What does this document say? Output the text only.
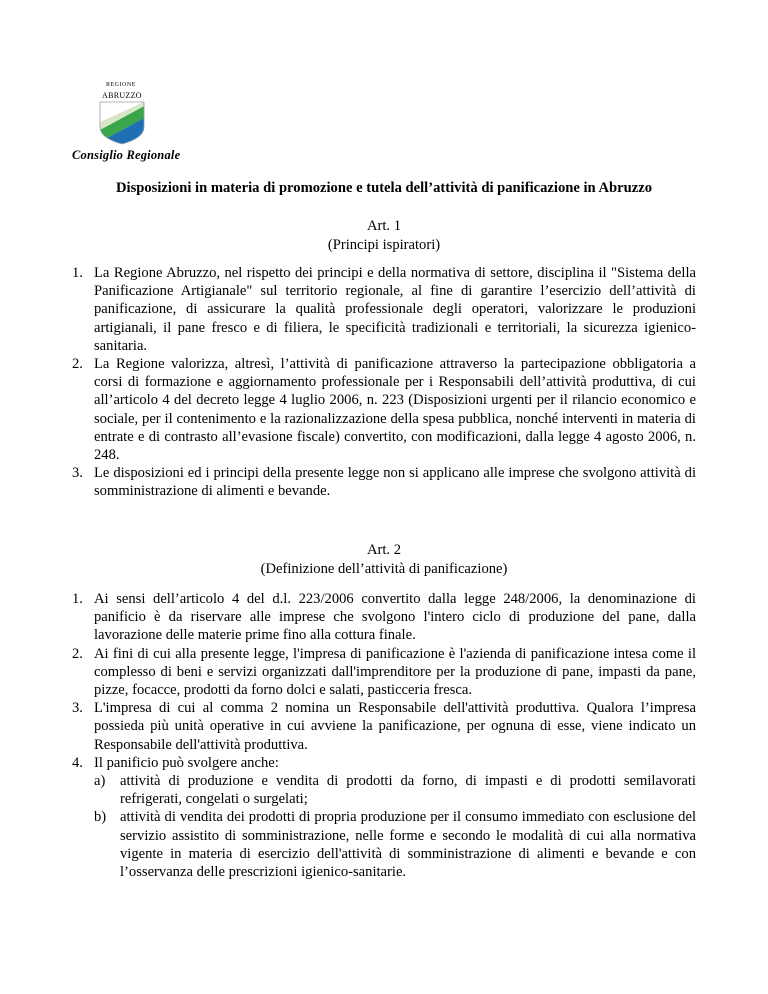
REGIONE
ABRUZZO
Consiglio Regionale
Disposizioni in materia di promozione e tutela dell’attività di panificazione in Abruzzo
Art. 1
(Principi ispiratori)
1. La Regione Abruzzo, nel rispetto dei principi e della normativa di settore, disciplina il "Sistema della Panificazione Artigianale" sul territorio regionale, al fine di garantire l’esercizio dell’attività di panificazione, di assicurare la qualità professionale degli operatori, valorizzare le produzioni artigianali, il pane fresco e di filiera, le specificità tradizionali e territoriali, la sicurezza igienico-sanitaria.
2. La Regione valorizza, altresì, l’attività di panificazione attraverso la partecipazione obbligatoria a corsi di formazione e aggiornamento professionale per i Responsabili dell’attività produttiva, di cui all’articolo 4 del decreto legge 4 luglio 2006, n. 223 (Disposizioni urgenti per il rilancio economico e sociale, per il contenimento e la razionalizzazione della spesa pubblica, nonché interventi in materia di entrate e di contrasto all’evasione fiscale) convertito, con modificazioni, dalla legge 4 agosto 2006, n. 248.
3. Le disposizioni ed i principi della presente legge non si applicano alle imprese che svolgono attività di somministrazione di alimenti e bevande.
Art. 2
(Definizione dell’attività di panificazione)
1. Ai sensi dell’articolo 4 del d.l. 223/2006 convertito dalla legge 248/2006, la denominazione di panificio è da riservare alle imprese che svolgono l'intero ciclo di produzione del pane, dalla lavorazione delle materie prime fino alla cottura finale.
2. Ai fini di cui alla presente legge, l'impresa di panificazione è l'azienda di panificazione intesa come il complesso di beni e servizi organizzati dall'imprenditore per la produzione di pane, impasti da pane, pizze, focacce, prodotti da forno dolci e salati, pasticceria fresca.
3. L'impresa di cui al comma 2 nomina un Responsabile dell'attività produttiva. Qualora l’impresa possieda più unità operative in cui avviene la panificazione, per ognuna di esse, viene indicato un Responsabile dell'attività produttiva.
4. Il panificio può svolgere anche:
a) attività di produzione e vendita di prodotti da forno, di impasti e di prodotti semilavorati refrigerati, congelati o surgelati;
b) attività di vendita dei prodotti di propria produzione per il consumo immediato con esclusione del servizio assistito di somministrazione, nelle forme e secondo le modalità di cui alla normativa vigente in materia di esercizio dell'attività di somministrazione di alimenti e bevande e con l’osservanza delle prescrizioni igienico-sanitarie.
